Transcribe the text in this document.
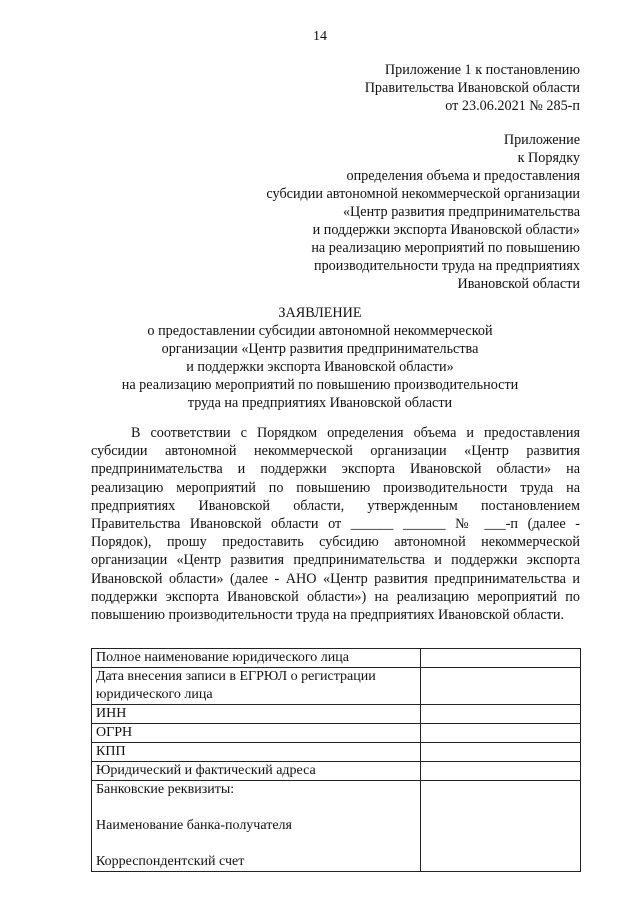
14
Приложение 1 к постановлению
Правительства Ивановской области
от 23.06.2021 № 285-п
Приложение
к Порядку
определения объема и предоставления
субсидии автономной некоммерческой организации
«Центр развития предпринимательства
и поддержки экспорта Ивановской области»
на реализацию мероприятий по повышению
производительности труда на предприятиях
Ивановской области
ЗАЯВЛЕНИЕ
о предоставлении субсидии автономной некоммерческой
организации «Центр развития предпринимательства
и поддержки экспорта Ивановской области»
на реализацию мероприятий по повышению производительности
труда на предприятиях Ивановской области

В соответствии с Порядком определения объема и предоставления субсидии автономной некоммерческой организации «Центр развития предпринимательства и поддержки экспорта Ивановской области» на реализацию мероприятий по повышению производительности труда на предприятиях Ивановской области, утвержденным постановлением Правительства Ивановской области от ______ ______ № ___-п (далее - Порядок), прошу предоставить субсидию автономной некоммерческой организации «Центр развития предпринимательства и поддержки экспорта Ивановской области» (далее - АНО «Центр развития предпринимательства и поддержки экспорта Ивановской области») на реализацию мероприятий по повышению производительности труда на предприятиях Ивановской области.

Полное наименование юридического лица	
Дата внесения записи в ЕГРЮЛ о регистрации юридического лица	
ИНН	
ОГРН	
КПП	
Юридический и фактический адреса	

Банковские реквизиты:
Наименование банка-получателя
Корреспондентский счет	
